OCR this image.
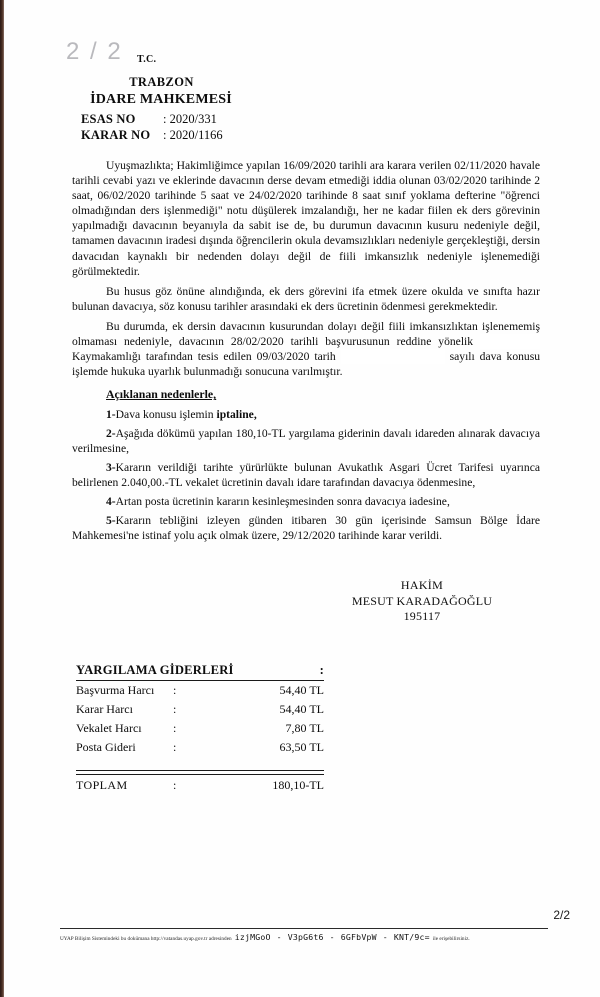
2 / 2 T.C.
TRABZON
İDARE MAHKEMESİ
ESAS NO : 2020/331
KARAR NO : 2020/1166

Uyuşmazlıkta; Hakimliğimce yapılan 16/09/2020 tarihli ara karara verilen 02/11/2020 havale tarihli cevabi yazı ve eklerinde davacının derse devam etmediği iddia olunan 03/02/2020 tarihinde 2 saat, 06/02/2020 tarihinde 5 saat ve 24/02/2020 tarihinde 8 saat sınıf yoklama defterine "öğrenci olmadığından ders işlenmediği" notu düşülerek imzalandığı, her ne kadar fiilen ek ders görevinin yapılmadığı davacının beyanıyla da sabit ise de, bu durumun davacının kusuru nedeniyle değil, tamamen davacının iradesi dışında öğrencilerin okula devamsızlıkları nedeniyle gerçekleştiği, dersin davacıdan kaynaklı bir nedenden dolayı değil de fiili imkansızlık nedeniyle işlenemediği görülmektedir.

Bu husus göz önüne alındığında, ek ders görevini ifa etmek üzere okulda ve sınıfta hazır bulunan davacıya, söz konusu tarihler arasındaki ek ders ücretinin ödenmesi gerekmektedir.

Bu durumda, ek dersin davacının kusurundan dolayı değil fiili imkansızlıktan işlenememiş olmaması nedeniyle, davacının 28/02/2020 tarihli başvurusunun reddine yönelik   Kaymakamlığı tarafından tesis edilen 09/03/2020 tarih	sayılı dava konusu işlemde hukuka uyarlık bulunmadığı sonucuna varılmıştır.

Açıklanan nedenlerle,

1-Dava konusu işlemin iptaline,

2-Aşağıda dökümü yapılan 180,10-TL yargılama giderinin davalı idareden alınarak davacıya verilmesine,

3-Kararın verildiği tarihte yürürlükte bulunan Avukatlık Asgari Ücret Tarifesi uyarınca belirlenen 2.040,00.-TL vekalet ücretinin davalı idare tarafından davacıya ödenmesine,

4-Artan posta ücretinin kararın kesinleşmesinden sonra davacıya iadesine,

5-Kararın tebliğini izleyen günden itibaren 30 gün içerisinde Samsun Bölge İdare Mahkemesi'ne istinaf yolu açık olmak üzere, 29/12/2020 tarihinde karar verildi.

HAKİM
MESUT KARADAĞOĞLU
195117
YARGILAMA GİDERLERİ	:
Başvurma Harcı	:	54,40 TL
Karar Harcı	:	54,40 TL
Vekalet Harcı	:	7,80 TL
Posta Gideri	:	63,50 TL
TOPLAM	:	180,10-TL
2/2
UYAP Bilişim Sistemindeki bu dokümana http://vatandas.uyap.gov.tr adresinden izjMGoO - V3pG6t6 - 6GFbVpW - KNT/9c= ile erişebilirsiniz.
